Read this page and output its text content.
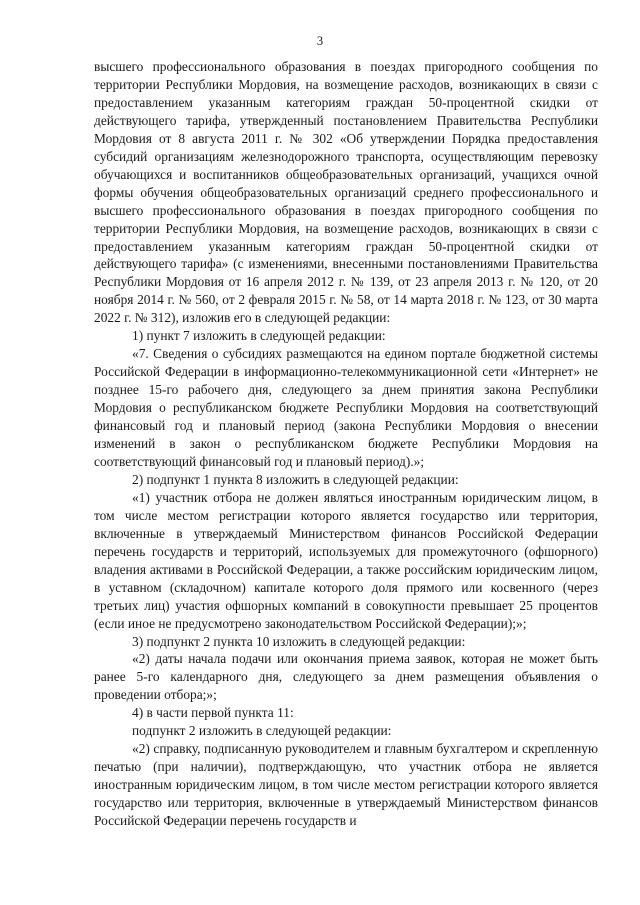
3

высшего профессионального образования в поездах пригородного сообщения по территории Республики Мордовия, на возмещение расходов, возникающих в связи с предоставлением указанным категориям граждан 50-процентной скидки от действующего тарифа, утвержденный постановлением Правительства Республики Мордовия от 8 августа 2011 г. № 302 «Об утверждении Порядка предоставления субсидий организациям железнодорожного транспорта, осуществляющим перевозку обучающихся и воспитанников общеобразовательных организаций, учащихся очной формы обучения общеобразовательных организаций среднего профессионального и высшего профессионального образования в поездах пригородного сообщения по территории Республики Мордовия, на возмещение расходов, возникающих в связи с предоставлением указанным категориям граждан 50-процентной скидки от действующего тарифа» (с изменениями, внесенными постановлениями Правительства Республики Мордовия от 16 апреля 2012 г. № 139, от 23 апреля 2013 г. № 120, от 20 ноября 2014 г. № 560, от 2 февраля 2015 г. № 58, от 14 марта 2018 г. № 123, от 30 марта 2022 г. № 312), изложив его в следующей редакции:

1) пункт 7 изложить в следующей редакции:

«7. Сведения о субсидиях размещаются на едином портале бюджетной системы Российской Федерации в информационно-телекоммуникационной сети «Интернет» не позднее 15-го рабочего дня, следующего за днем принятия закона Республики Мордовия о республиканском бюджете Республики Мордовия на соответствующий финансовый год и плановый период (закона Республики Мордовия о внесении изменений в закон о республиканском бюджете Республики Мордовия на соответствующий финансовый год и плановый период).»;

2) подпункт 1 пункта 8 изложить в следующей редакции:

«1) участник отбора не должен являться иностранным юридическим лицом, в том числе местом регистрации которого является государство или территория, включенные в утверждаемый Министерством финансов Российской Федерации перечень государств и территорий, используемых для промежуточного (офшорного) владения активами в Российской Федерации, а также российским юридическим лицом, в уставном (складочном) капитале которого доля прямого или косвенного (через третьих лиц) участия офшорных компаний в совокупности превышает 25 процентов (если иное не предусмотрено законодательством Российской Федерации);»;

3) подпункт 2 пункта 10 изложить в следующей редакции:

«2) даты начала подачи или окончания приема заявок, которая не может быть ранее 5-го календарного дня, следующего за днем размещения объявления о проведении отбора;»;

4) в части первой пункта 11:

подпункт 2 изложить в следующей редакции:

«2) справку, подписанную руководителем и главным бухгалтером и скрепленную печатью (при наличии), подтверждающую, что участник отбора не является иностранным юридическим лицом, в том числе местом регистрации которого является государство или территория, включенные в утверждаемый Министерством финансов Российской Федерации перечень государств и
